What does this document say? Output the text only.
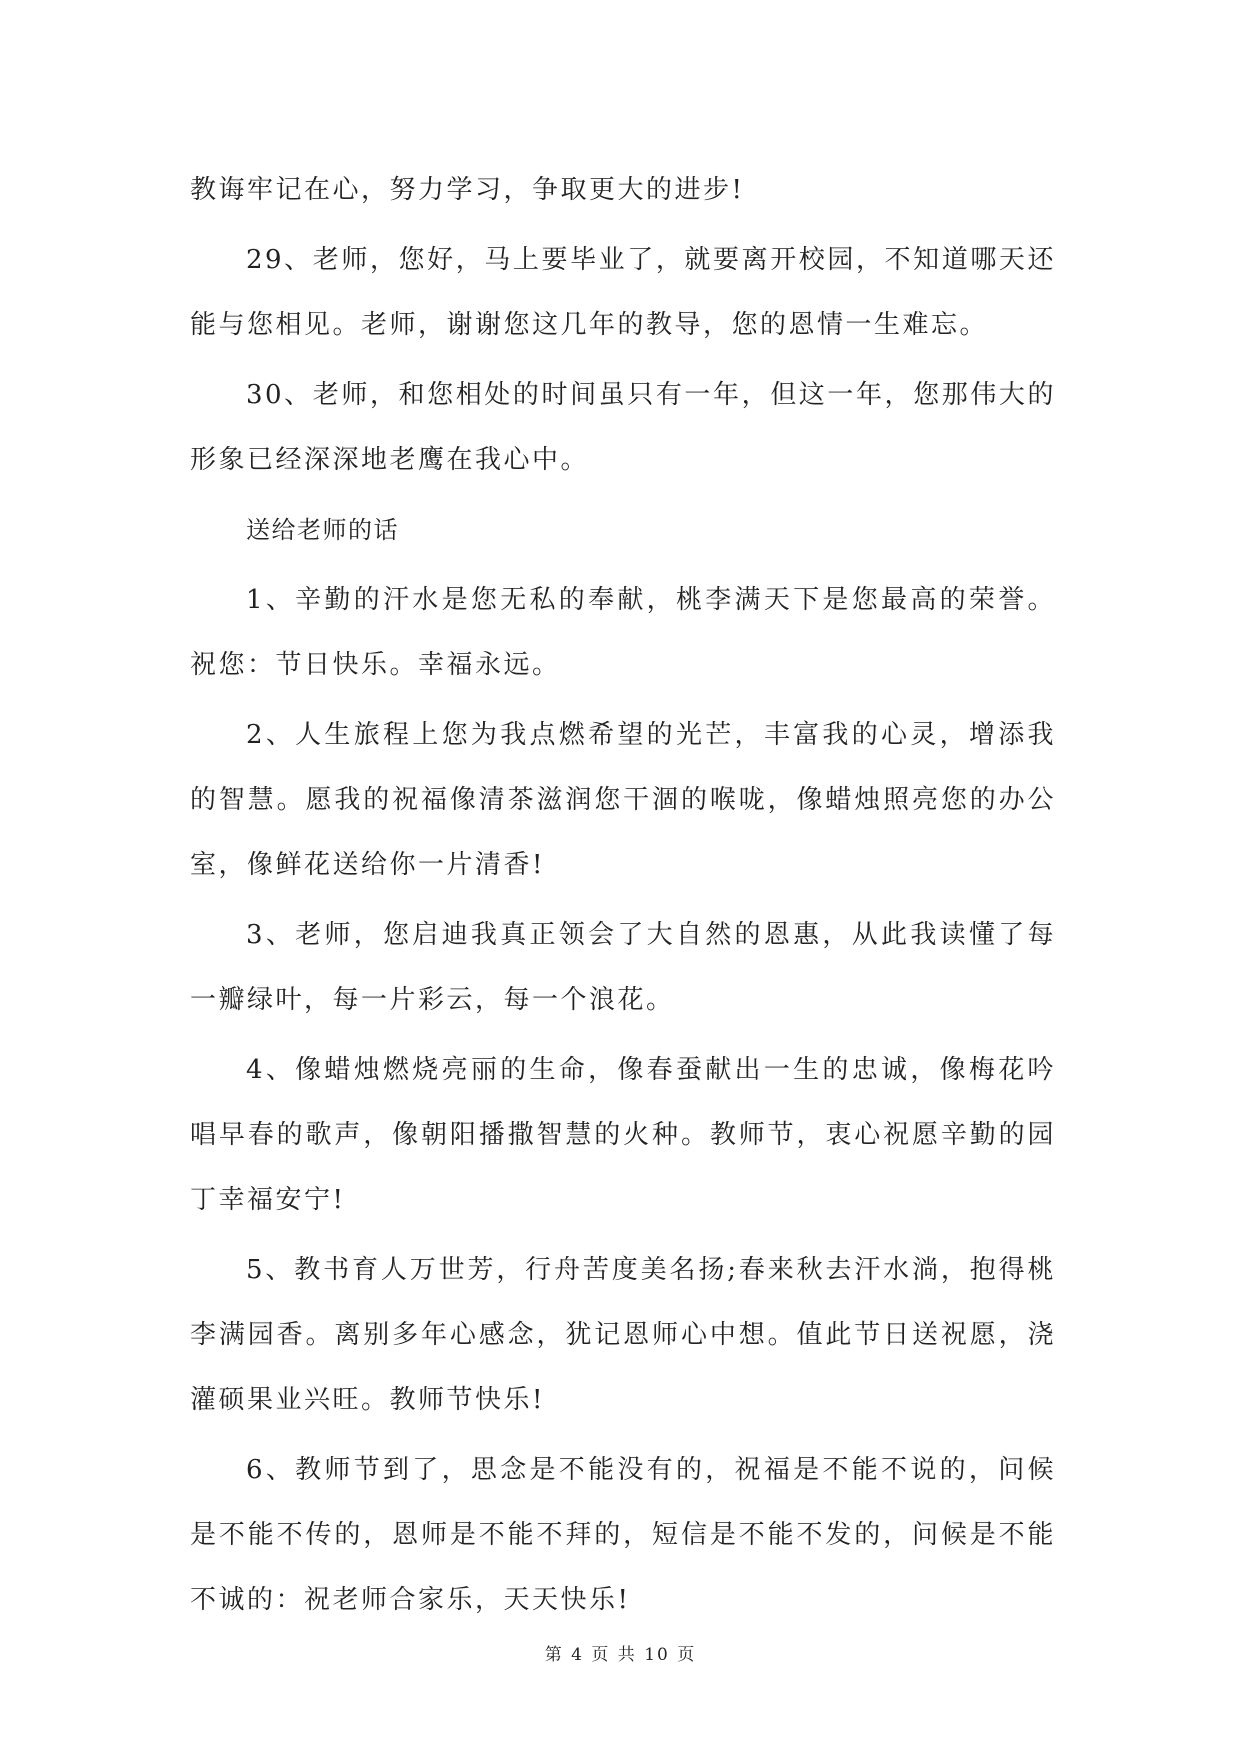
教诲牢记在心，努力学习，争取更大的进步!

29、老师，您好，马上要毕业了，就要离开校园，不知道哪天还能与您相见。老师，谢谢您这几年的教导，您的恩情一生难忘。

30、老师，和您相处的时间虽只有一年，但这一年，您那伟大的形象已经深深地老鹰在我心中。

送给老师的话

1、辛勤的汗水是您无私的奉献，桃李满天下是您最高的荣誉。祝您：节日快乐。幸福永远。

2、人生旅程上您为我点燃希望的光芒，丰富我的心灵，增添我的智慧。愿我的祝福像清茶滋润您干涸的喉咙，像蜡烛照亮您的办公室，像鲜花送给你一片清香!

3、老师，您启迪我真正领会了大自然的恩惠，从此我读懂了每一瓣绿叶，每一片彩云，每一个浪花。

4、像蜡烛燃烧亮丽的生命，像春蚕献出一生的忠诚，像梅花吟唱早春的歌声，像朝阳播撒智慧的火种。教师节，衷心祝愿辛勤的园丁幸福安宁!

5、教书育人万世芳，行舟苦度美名扬;春来秋去汗水淌，抱得桃李满园香。离别多年心感念，犹记恩师心中想。值此节日送祝愿，浇灌硕果业兴旺。教师节快乐!

6、教师节到了，思念是不能没有的，祝福是不能不说的，问候是不能不传的，恩师是不能不拜的，短信是不能不发的，问候是不能不诚的：祝老师合家乐，天天快乐!

第 4 页 共 10 页
